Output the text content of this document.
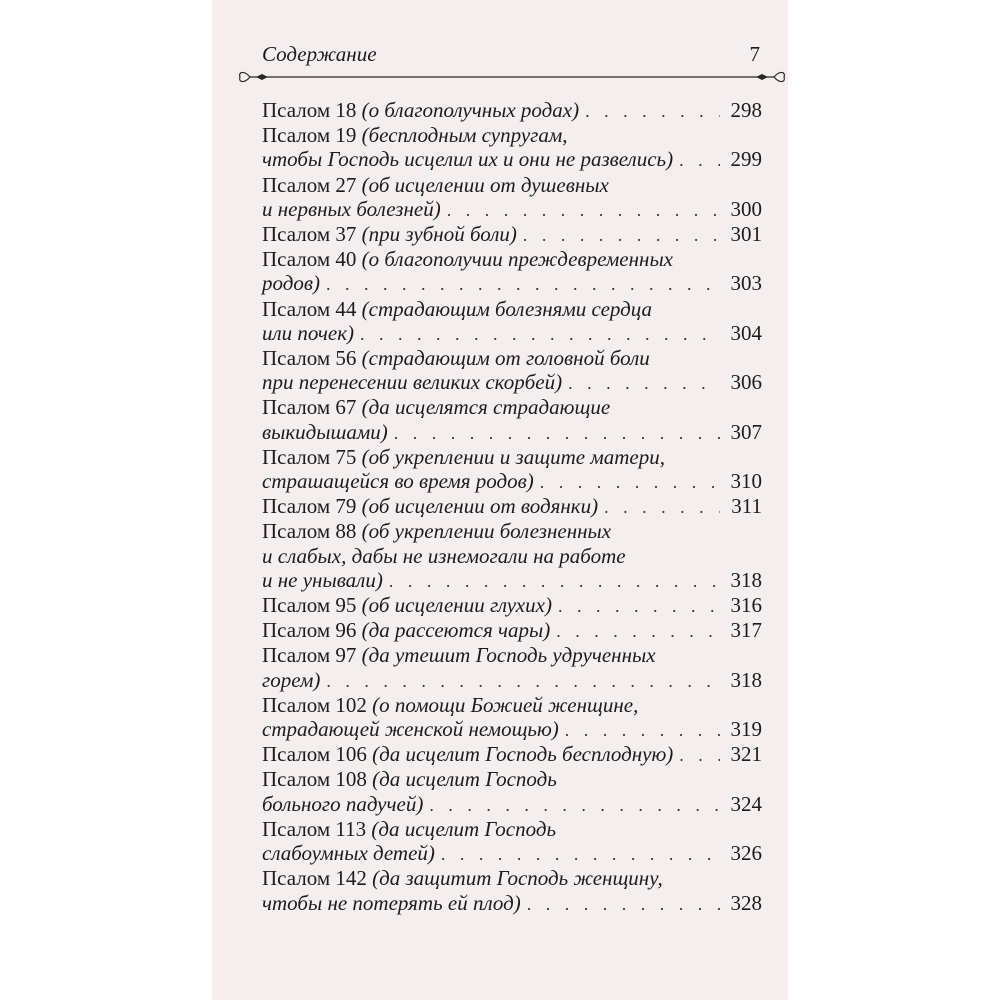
Содержание	7
Псалом 18
(о благополучных родах) . . .	298
Псалом 19
(бесплодным супругам,
чтобы Господь исцелил их и они не развелись) . . .	299
Псалом 27
(об исцелении от душевных
и нервных болезней) . . .	300
Псалом 37
(при зубной боли) . . .	301
Псалом 40
(о благополучии преждевременных
родов) . . .	303
Псалом 44
(страдающим болезнями сердца
или почек) . . .	304
Псалом 56
(страдающим от головной боли
при перенесении великих скорбей) . . .	306
Псалом 67
(да исцелятся страдающие
выкидышами) . . .	307
Псалом 75
(об укреплении и защите матери,
страшащейся во время родов) . . .	310
Псалом 79
(об исцелении от водянки) . . .	311
Псалом 88
(об укреплении болезненных
и слабых, дабы не изнемогали на работе
и не унывали) . . .	318
Псалом 95
(об исцелении глухих) . . .	316
Псалом 96
(да рассеются чары) . . .	317
Псалом 97
(да утешит Господь удрученных
горем) . . .	318
Псалом 102
(о помощи Божией женщине,
страдающей женской немощью) . . .	319
Псалом 106
(да исцелит Господь бесплодную) . . .	321
Псалом 108
(да исцелит Господь
больного падучей) . . .	324
Псалом 113
(да исцелит Господь
слабоумных детей) . . .	326
Псалом 142
(да защитит Господь женщину,
чтобы не потерять ей плод) . . .	328
